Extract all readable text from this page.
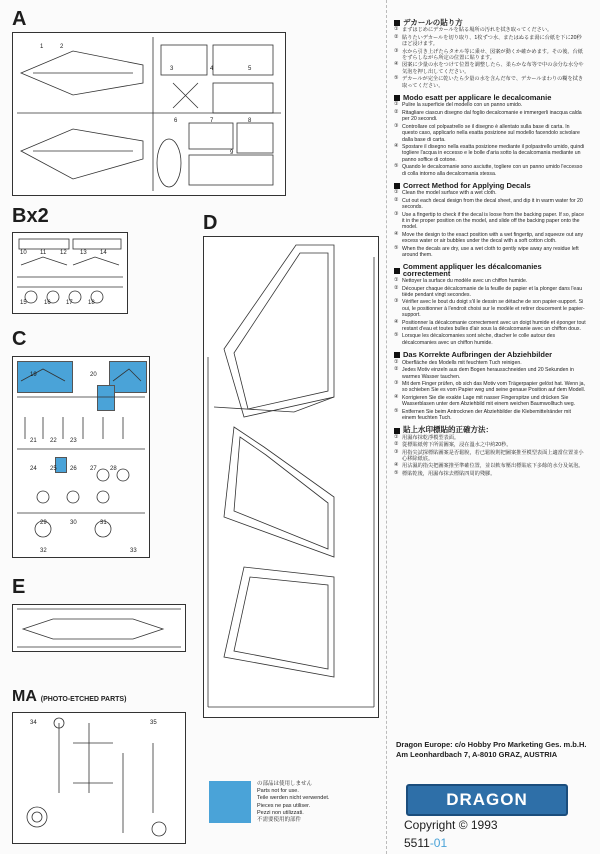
A
Bx2
C
D
E
MA (PHOTO-ETCHED PARTS)
デカールの貼り方
① まずはじめにデカールを貼る場所の汚れを拭き取ってください。
② 貼りたいデカールを切り取り、1枚ずつ水、またはぬるま湯に台紙を下に20秒ほど浸けます。
③ 水から引き上げたらタオル等に乗せ、図案が動くか確かめます。その後、台紙をずらしながら所定の位置に貼ります。
④ 図案に少量の水をつけて位置を調整したら、柔らかな布等で中の余分な水分や気泡を押し出してください。
⑤ デカールが完全に乾いたら少量の水を含んだ布で、デカールまわりの糊を拭き取ってください。
Modo esatt per applicare le decalcomanie
① Pulire la superficie del modello con un panno umido.
② Ritagliare ciascun disegno dal foglio decalcomanie e immergerli inacqua calda per 20 secondi.
③ Controllare col polpastrello se il disegno è allentato sulla base di carta. In questo caso, applicarlo nella esatta posizione sul modello facendolo scivolare dalla base di carta.
④ Spostare il disegno nella esatta posizione mediante il polpastrello umido, quindi togliere l'acqua in eccesso e le bolle d'aria sotto la decalcomania mediante un panno soffice di cotone.
⑤ Quando le decalcomanie sono asciutte, togliere con un panno umido l'eccesso di colla intorno alla decalcomania stessa.
Correct Method for Applying Decals
① Clean the model surface with a wet cloth.
② Cut out each decal design from the decal sheet, and dip it in warm water for 20 seconds.
③ Use a fingertip to check if the decal is loose from the backing paper. If so, place it in the proper position on the model, and slide off the backing paper onto the model.
④ Move the design to the exact position with a wet fingertip, and squeeze out any excess water or air bubbles under the decal with a soft cotton cloth.
⑤ When the decals are dry, use a wet cloth to gently wipe away any residue left around them.
Comment appliquer les décalcomanies correctement
① Nettoyer la surface du modèle avec un chiffon humide.
② Découper chaque décalcomanie de la feuille de papier et la plonger dans l'eau tiède pendant vingt secondes.
③ Vérifier avec le bout du doigt s'il le dessin se détache de son papier-support. Si oui, le positionner à l'endroit choisi sur le modèle et retirer doucement le papier-support.
④ Positionner la décalcomanie correctement avec un doigt humide et éponger tout restant d'eau et toutes bulles d'air sous la décalcomanie avec un chiffon doux.
⑤ Lorsque les décalcomanies sont sèche, dtacher le colle autour des décalcomanies avec un chiffon humide.
Das Korrekte Aufbringen der Abziehbilder
① Oberfläche des Modells mit feuchtem Tuch reinigen.
② Jedes Motiv einzeln aus dem Bogen herausschneiden und 20 Sekunden in warmes Wasser tauchen.
③ Mit dem Finger prüfen, ob sich das Motiv vom Trägerpapier gelöst hat. Wenn ja, so schieben Sie es vom Papier weg und seine genaue Position auf dem Modell.
④ Korrigieren Sie die exakte Lage mit nasser Fingerspitze und drücken Sie Wasserblasen unter dem Abziehbild mit einem weichen Baumwolltuch weg.
⑤ Entfernen Sie beim Antrocknen der Abziehbilder die Klebemittelränder mit einem feuchten Tuch.
貼上水印標貼的正確方法：
① 用濕布抹乾淨模型表面。
② 從標貼紙剪下所需圖案，浸在溫水之中約20秒。
③ 用指尖試探標貼圖案是否鬆脫，若已鬆脫則把圖案推至模型表面上適當位置並小心移除紙底。
④ 用沾濕的指尖把圖案推至準確位置，並以軟布壓出標貼底下多餘的水分及氣泡。
⑤ 標貼乾後，用濕布抹去標貼四周的殘膠。
の部品は使用しません
Parts not for use.
Teile werden nicht verwendet.
Pieces ne pas utiliser.
Pezzi non utilizzati.
不需要使用的部件
Dragon Europe: c/o Hobby Pro Marketing Ges. m.b.H.
Am Leonhardbach 7, A-8010 GRAZ, AUSTRIA
DRAGON
Copyright © 1993
5511-01
1	2
3	4	5
6	7	8
9
10 11 12 13 14
15	16	17	18
19	20
21 22 23
24 25 26 27 28
29	30	31
32	33
34	35
